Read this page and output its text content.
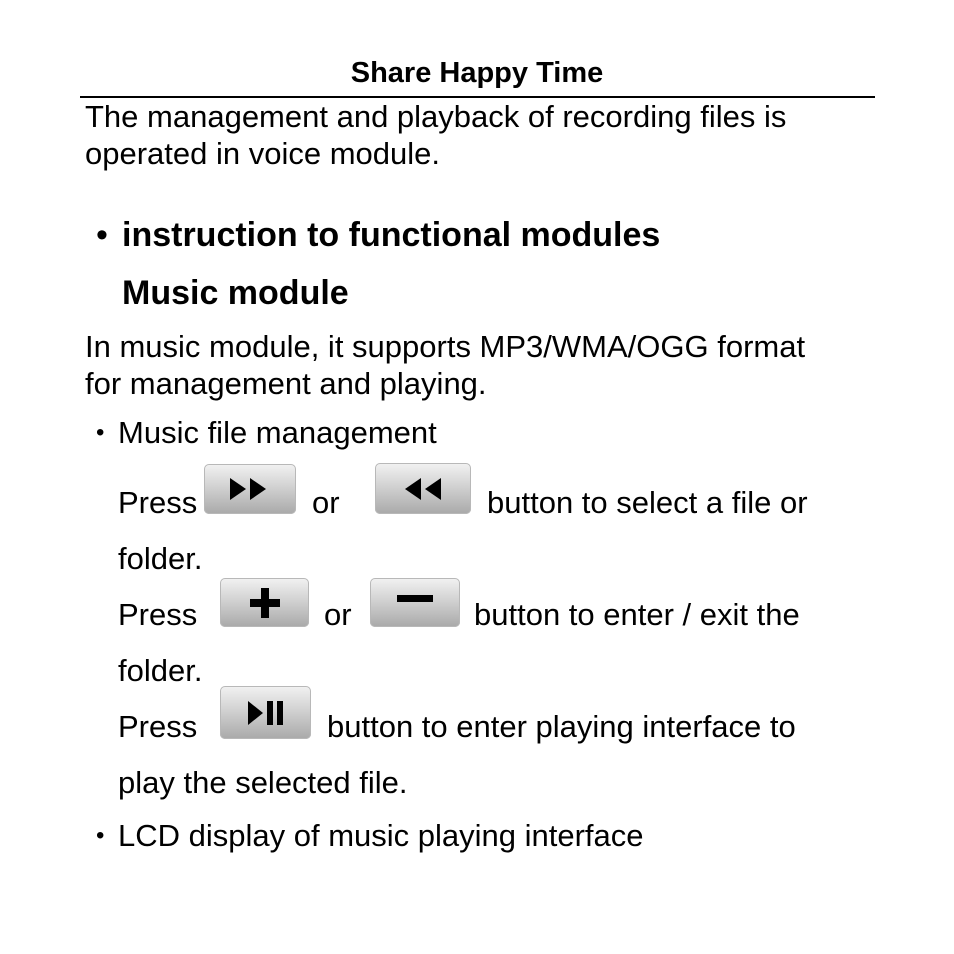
Share Happy Time
The management and playback of recording files is
operated in voice module.
• instruction to functional modules
Music module
In music module, it supports MP3/WMA/OGG format
for management and playing.
• Music file management
Press	or	button to select a file or
folder.
Press	or	button to enter / exit the
folder.
Press	button to enter playing interface to
play the selected file.
• LCD display of music playing interface
